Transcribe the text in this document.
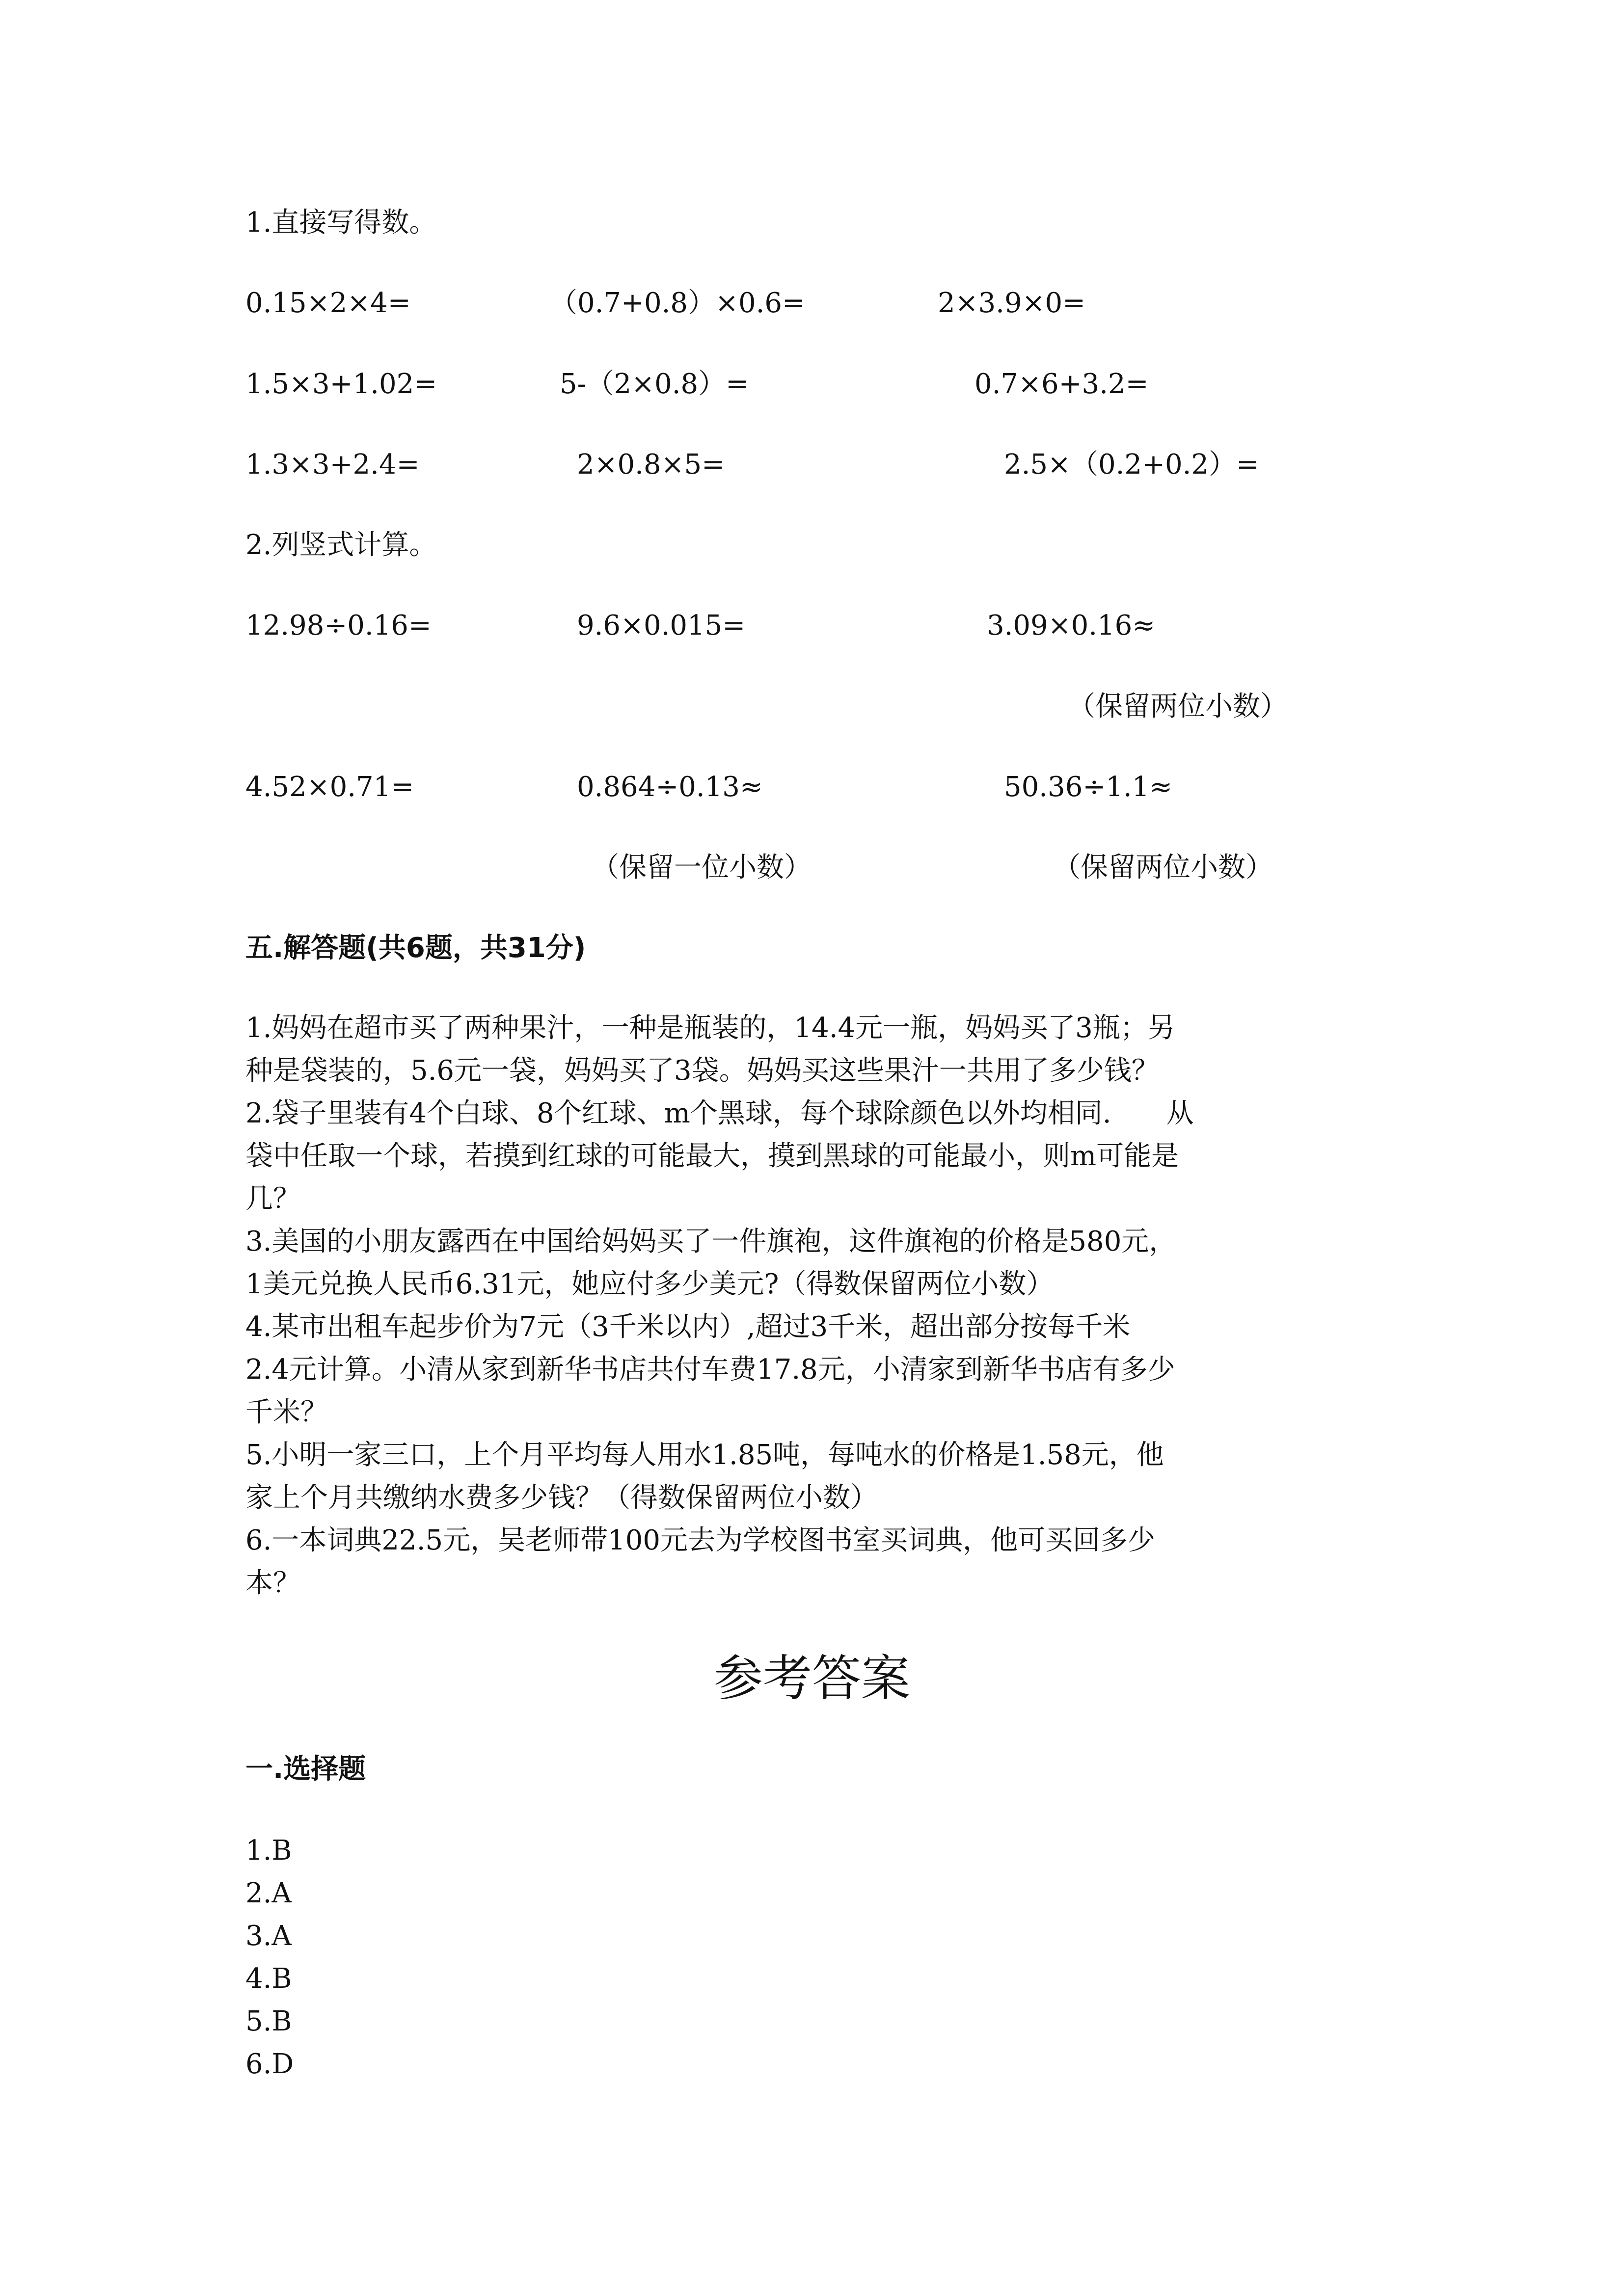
1.直接写得数。
0.15×2×4=	（0.7+0.8）×0.6=	2×3.9×0=
1.5×3+1.02=	5-（2×0.8）=	0.7×6+3.2=
1.3×3+2.4=	2×0.8×5=	2.5×（0.2+0.2）=
2.列竖式计算。
12.98÷0.16=	9.6×0.015=	3.09×0.16≈
（保留两位小数）
4.52×0.71=	0.864÷0.13≈	50.36÷1.1≈
（保留一位小数）	（保留两位小数）
五.解答题(共6题，共31分)
1.妈妈在超市买了两种果汁，一种是瓶装的，14.4元一瓶，妈妈买了3瓶；另
种是袋装的，5.6元一袋，妈妈买了3袋。妈妈买这些果汁一共用了多少钱？
2.袋子里装有4个白球、8个红球、m个黑球，每个球除颜色以外均相同.　　从
袋中任取一个球，若摸到红球的可能最大，摸到黑球的可能最小，则m可能是
几？
3.美国的小朋友露西在中国给妈妈买了一件旗袍，这件旗袍的价格是580元，
1美元兑换人民币6.31元，她应付多少美元?（得数保留两位小数）
4.某市出租车起步价为7元（3千米以内）,超过3千米，超出部分按每千米
2.4元计算。小清从家到新华书店共付车费17.8元，小清家到新华书店有多少
千米？
5.小明一家三口，上个月平均每人用水1.85吨，每吨水的价格是1.58元，他
家上个月共缴纳水费多少钱？（得数保留两位小数）
6.一本词典22.5元，吴老师带100元去为学校图书室买词典，他可买回多少
本？
参考答案
一.选择题
1.B
2.A
3.A
4.B
5.B
6.D
